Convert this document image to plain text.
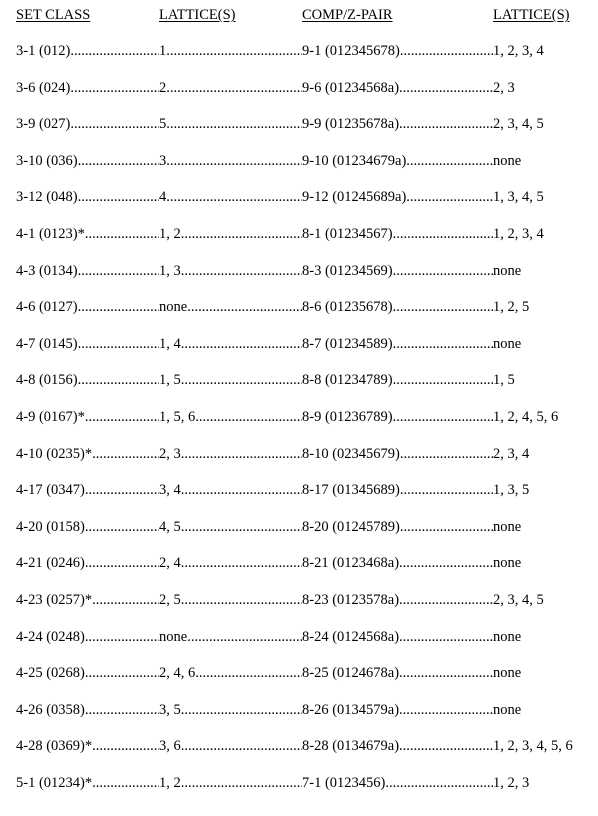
SET CLASS	LATTICE(S)	COMP/Z-PAIR	LATTICE(S)
3-1 (012) .....	1 .....	9-1 (012345678) .....	1, 2, 3, 4
3-6 (024) .....	2 .....	9-6 (01234568a) .....	2, 3
3-9 (027) .....	5 .....	9-9 (01235678a) .....	2, 3, 4, 5
3-10 (036) .....	3 .....	9-10 (01234679a) .....	none
3-12 (048) .....	4 .....	9-12 (01245689a) .....	1, 3, 4, 5
4-1 (0123)* .....	1, 2 .....	8-1 (01234567) .....	1, 2, 3, 4
4-3 (0134) .....	1, 3 .....	8-3 (01234569) .....	none
4-6 (0127) .....	none .....	8-6 (01235678) .....	1, 2, 5
4-7 (0145) .....	1, 4 .....	8-7 (01234589) .....	none
4-8 (0156) .....	1, 5 .....	8-8 (01234789) .....	1, 5
4-9 (0167)* .....	1, 5, 6 .....	8-9 (01236789) .....	1, 2, 4, 5, 6
4-10 (0235)* .....	2, 3 .....	8-10 (02345679) .....	2, 3, 4
4-17 (0347) .....	3, 4 .....	8-17 (01345689) .....	1, 3, 5
4-20 (0158) .....	4, 5 .....	8-20 (01245789) .....	none
4-21 (0246) .....	2, 4 .....	8-21 (0123468a) .....	none
4-23 (0257)* .....	2, 5 .....	8-23 (0123578a) .....	2, 3, 4, 5
4-24 (0248) .....	none .....	8-24 (0124568a) .....	none
4-25 (0268) .....	2, 4, 6 .....	8-25 (0124678a) .....	none
4-26 (0358) .....	3, 5 .....	8-26 (0134579a) .....	none
4-28 (0369)* .....	3, 6 .....	8-28 (0134679a) .....	1, 2, 3, 4, 5, 6
5-1 (01234)* .....	1, 2 .....	7-1 (0123456) .....	1, 2, 3
